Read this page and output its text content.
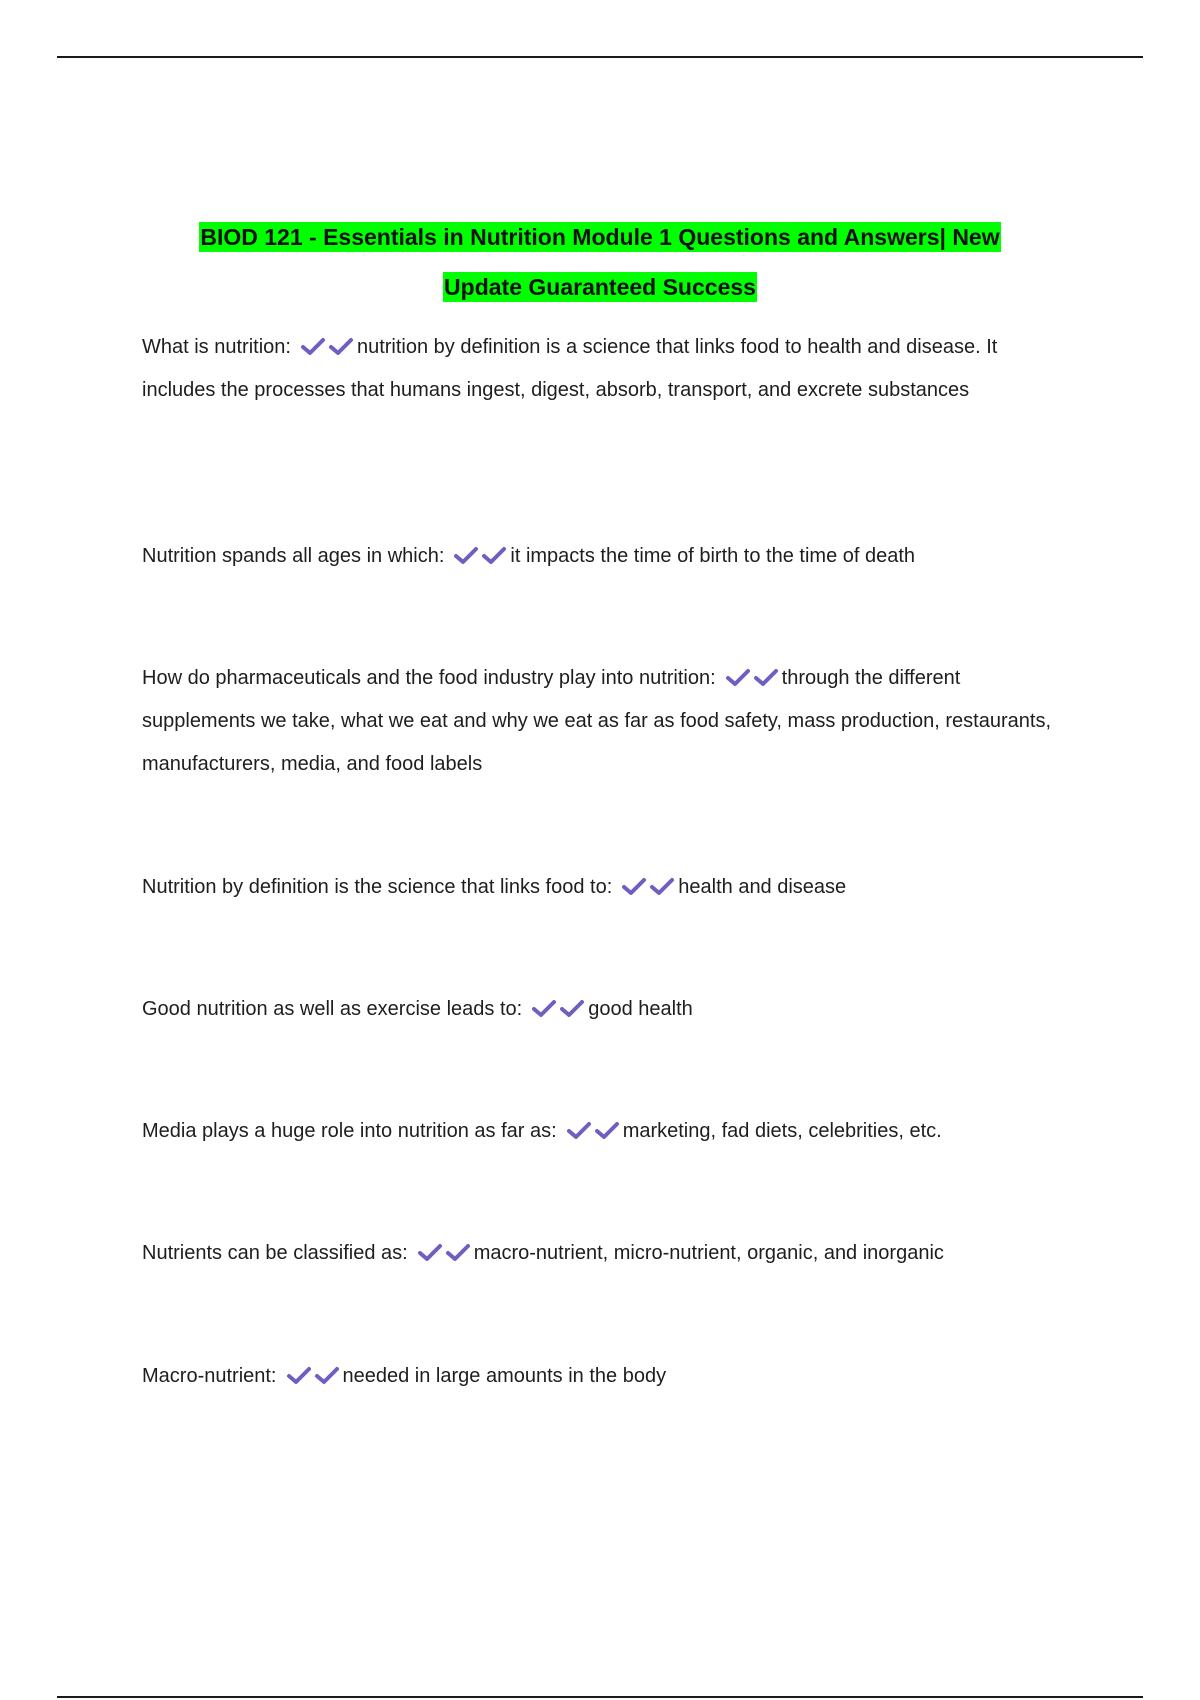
BIOD 121 - Essentials in Nutrition Module 1 Questions and Answers| New
Update Guaranteed Success
What is nutrition:	nutrition by definition is a science that links food to health and disease. It includes the processes that humans ingest, digest, absorb, transport, and excrete substances
Nutrition spands all ages in which:	it impacts the time of birth to the time of death
How do pharmaceuticals and the food industry play into nutrition:	through the different supplements we take, what we eat and why we eat as far as food safety, mass production, restaurants, manufacturers, media, and food labels
Nutrition by definition is the science that links food to:	health and disease
Good nutrition as well as exercise leads to:	good health
Media plays a huge role into nutrition as far as:	marketing, fad diets, celebrities, etc.
Nutrients can be classified as:	macro-nutrient, micro-nutrient, organic, and inorganic
Macro-nutrient:	needed in large amounts in the body
